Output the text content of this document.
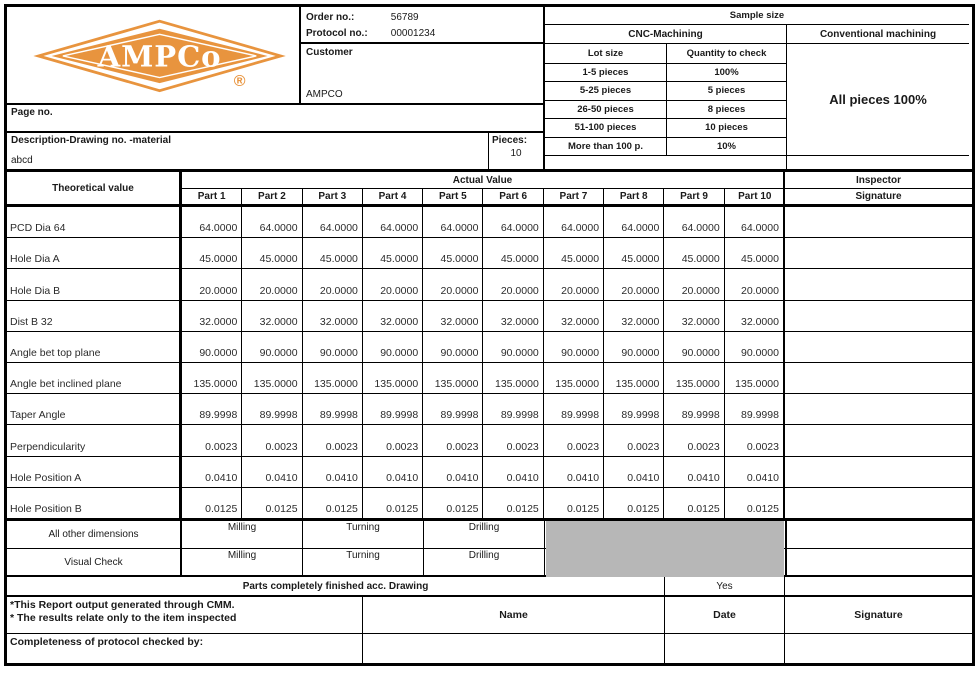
AMPCo
®
Order no.:	56789
Protocol no.: 00001234
Customer
AMPCO
Page no.
Description-Drawing no. -material
abcd
Pieces:
10
Sample size
CNC-Machining	Conventional machining
Lot size	Quantity to check
1-5 pieces	100%
5-25 pieces	5 pieces
26-50 pieces	8 pieces
51-100 pieces	10 pieces
More than 100 p.	10%
All pieces 100%
Theoretical value
Actual Value
Part 1	Part 2	Part 3	Part 4	Part 5	Part 6	Part 7	Part 8	Part 9	Part 10
Inspector
Signature
PCD Dia 64	64.0000	64.0000	64.0000	64.0000	64.0000	64.0000	64.0000	64.0000	64.0000	64.0000
Hole Dia A	45.0000	45.0000	45.0000	45.0000	45.0000	45.0000	45.0000	45.0000	45.0000	45.0000
Hole Dia B	20.0000	20.0000	20.0000	20.0000	20.0000	20.0000	20.0000	20.0000	20.0000	20.0000
Dist B 32	32.0000	32.0000	32.0000	32.0000	32.0000	32.0000	32.0000	32.0000	32.0000	32.0000
Angle bet top plane	90.0000	90.0000	90.0000	90.0000	90.0000	90.0000	90.0000	90.0000	90.0000	90.0000
Angle bet inclined plane	135.0000	135.0000	135.0000	135.0000	135.0000	135.0000	135.0000	135.0000	135.0000	135.0000
Taper Angle	89.9998	89.9998	89.9998	89.9998	89.9998	89.9998	89.9998	89.9998	89.9998	89.9998
Perpendicularity	0.0023	0.0023	0.0023	0.0023	0.0023	0.0023	0.0023	0.0023	0.0023	0.0023
Hole Position A	0.0410	0.0410	0.0410	0.0410	0.0410	0.0410	0.0410	0.0410	0.0410	0.0410
Hole Position B	0.0125	0.0125	0.0125	0.0125	0.0125	0.0125	0.0125	0.0125	0.0125	0.0125
All other dimensions
Milling	Turning	Drilling
Visual Check
Milling	Turning	Drilling
Parts completely finished acc. Drawing	Yes
*This Report output generated through CMM.
* The results relate only to the item inspected	Name	Date	Signature
Completeness of protocol checked by:
